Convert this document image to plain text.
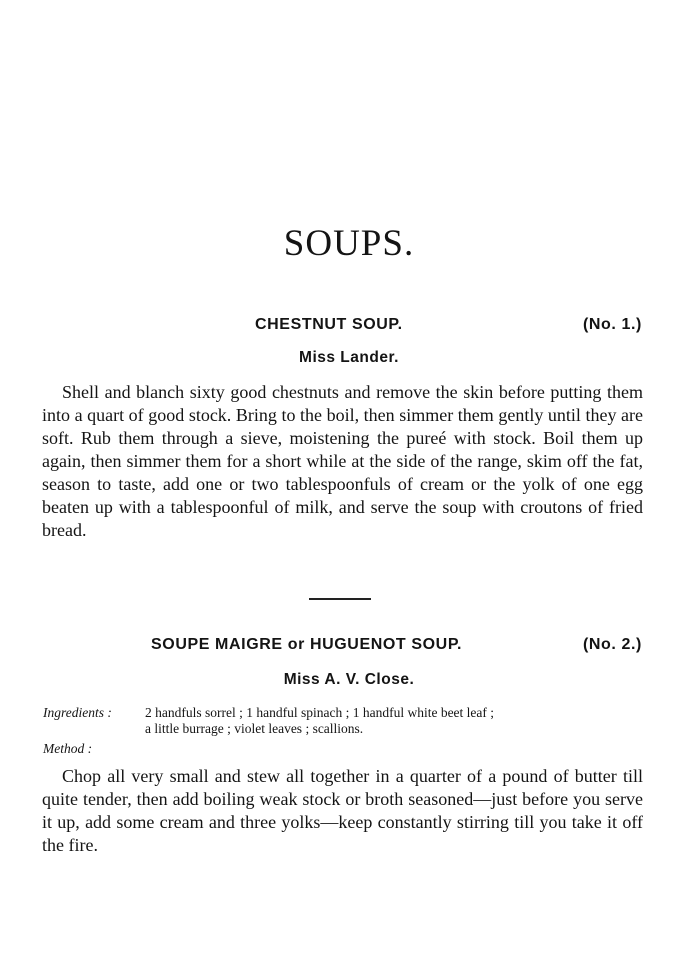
SOUPS.
CHESTNUT SOUP.	(No. 1.)
Miss Lander.

Shell and blanch sixty good chestnuts and remove the skin before putting them into a quart of good stock. Bring to the boil, then simmer them gently until they are soft. Rub them through a sieve, moistening the pureé with stock. Boil them up again, then simmer them for a short while at the side of the range, skim off the fat, season to taste, add one or two tablespoonfuls of cream or the yolk of one egg beaten up with a tablespoonful of milk, and serve the soup with croutons of fried bread.

SOUPE MAIGRE or HUGUENOT SOUP.	(No. 2.)
Miss A. V. Close.
Ingredients : 2 handfuls sorrel ; 1 handful spinach ; 1 handful white beet leaf ;
a little burrage ; violet leaves ; scallions.
Method :

Chop all very small and stew all together in a quarter of a pound of butter till quite tender, then add boiling weak stock or broth seasoned—just before you serve it up, add some cream and three yolks—keep constantly stirring till you take it off the fire.
